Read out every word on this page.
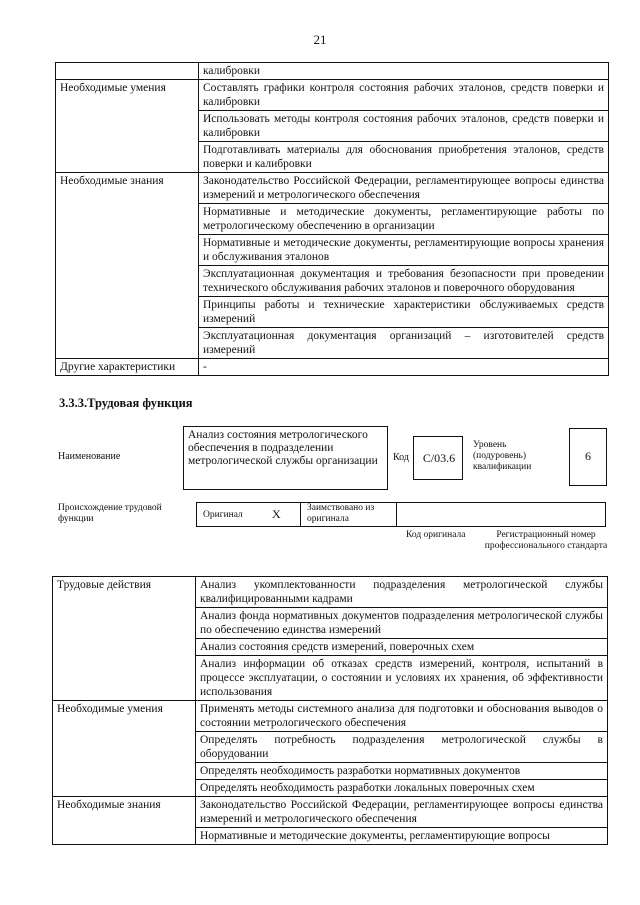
21
	калибровки
Необходимые умения	Составлять графики контроля состояния рабочих эталонов, средств поверки и калибровки
	Использовать методы контроля состояния рабочих эталонов, средств поверки и калибровки
	Подготавливать материалы для обоснования приобретения эталонов, средств поверки и калибровки
Необходимые знания	Законодательство Российской Федерации, регламентирующее вопросы единства измерений и метрологического обеспечения
	Нормативные и методические документы, регламентирующие работы по метрологическому обеспечению в организации
	Нормативные и методические документы, регламентирующие вопросы хранения и обслуживания эталонов
	Эксплуатационная документация и требования безопасности при проведении технического обслуживания рабочих эталонов и поверочного оборудования
	Принципы работы и технические характеристики обслуживаемых средств измерений
	Эксплуатационная документация организаций – изготовителей средств измерений
Другие характеристики	-
3.3.3.Трудовая функция
Наименование
Анализ состояния метрологического обеспечения в подразделении метрологической службы организации	Код	C/03.6
Уровень (подуровень) квалификации
6
Происхождение трудовой функции	Оригинал X	Заимствовано из оригинала
Код оригинала	Регистрационный номер профессионального стандарта
Трудовые действия	Анализ укомплектованности подразделения метрологической службы квалифицированными кадрами
	Анализ фонда нормативных документов подразделения метрологической службы по обеспечению единства измерений
	Анализ состояния средств измерений, поверочных схем
	Анализ информации об отказах средств измерений, контроля, испытаний в процессе эксплуатации, о состоянии и условиях их хранения, об эффективности использования
Необходимые умения	Применять методы системного анализа для подготовки и обоснования выводов о состоянии метрологического обеспечения
	Определять потребность подразделения метрологической службы в оборудовании
	Определять необходимость разработки нормативных документов
	Определять необходимость разработки локальных поверочных схем
Необходимые знания	Законодательство Российской Федерации, регламентирующее вопросы единства измерений и метрологического обеспечения
	Нормативные и методические документы, регламентирующие вопросы
